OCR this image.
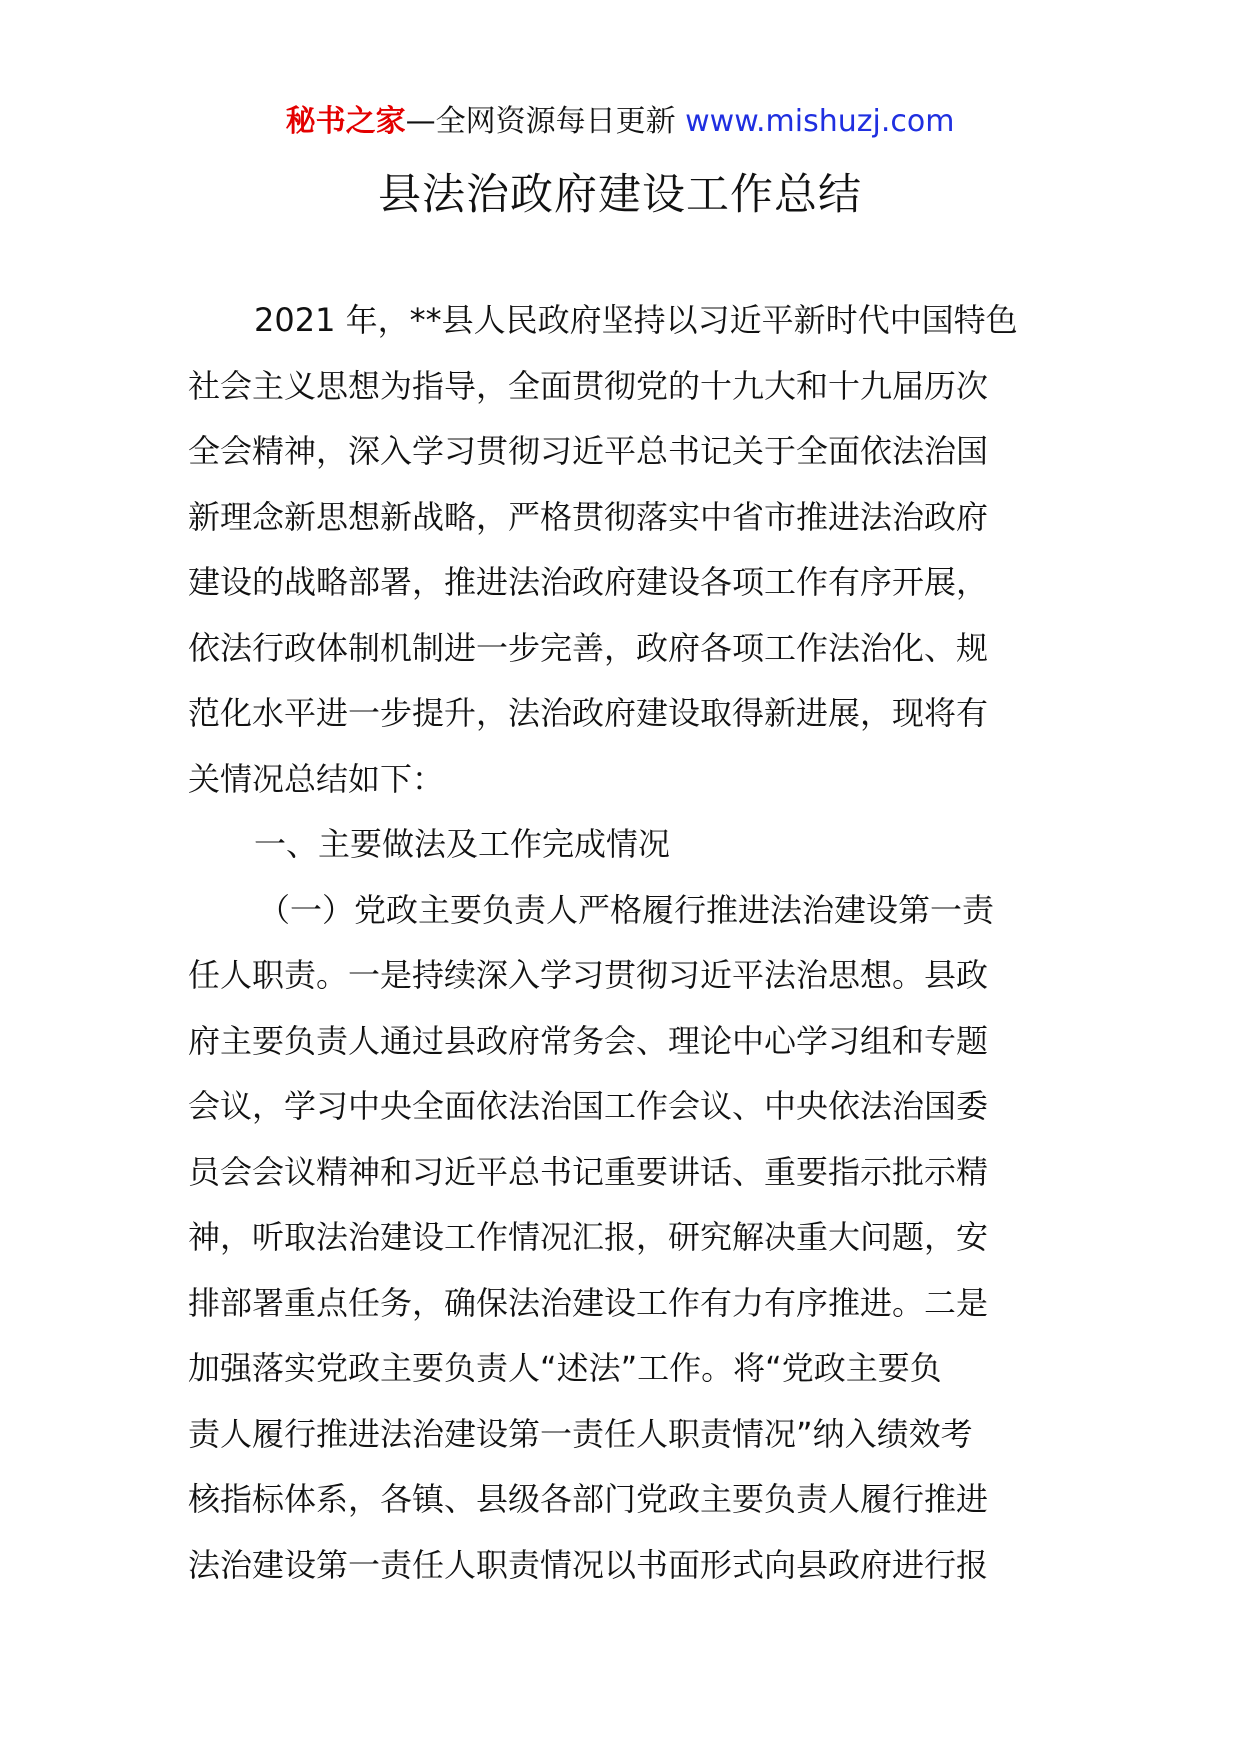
秘书之家—全网资源每日更新 www.mishuzj.com
县法治政府建设工作总结
2021 年，**县人民政府坚持以习近平新时代中国特色
社会主义思想为指导，全面贯彻党的十九大和十九届历次
全会精神，深入学习贯彻习近平总书记关于全面依法治国
新理念新思想新战略，严格贯彻落实中省市推进法治政府
建设的战略部署，推进法治政府建设各项工作有序开展，
依法行政体制机制进一步完善，政府各项工作法治化、规
范化水平进一步提升，法治政府建设取得新进展，现将有
关情况总结如下：
一、主要做法及工作完成情况
（一）党政主要负责人严格履行推进法治建设第一责
任人职责。一是持续深入学习贯彻习近平法治思想。县政
府主要负责人通过县政府常务会、理论中心学习组和专题
会议，学习中央全面依法治国工作会议、中央依法治国委
员会会议精神和习近平总书记重要讲话、重要指示批示精
神，听取法治建设工作情况汇报，研究解决重大问题，安
排部署重点任务，确保法治建设工作有力有序推进。二是
加强落实党政主要负责人“述法”工作。将“党政主要负
责人履行推进法治建设第一责任人职责情况”纳入绩效考
核指标体系，各镇、县级各部门党政主要负责人履行推进
法治建设第一责任人职责情况以书面形式向县政府进行报
